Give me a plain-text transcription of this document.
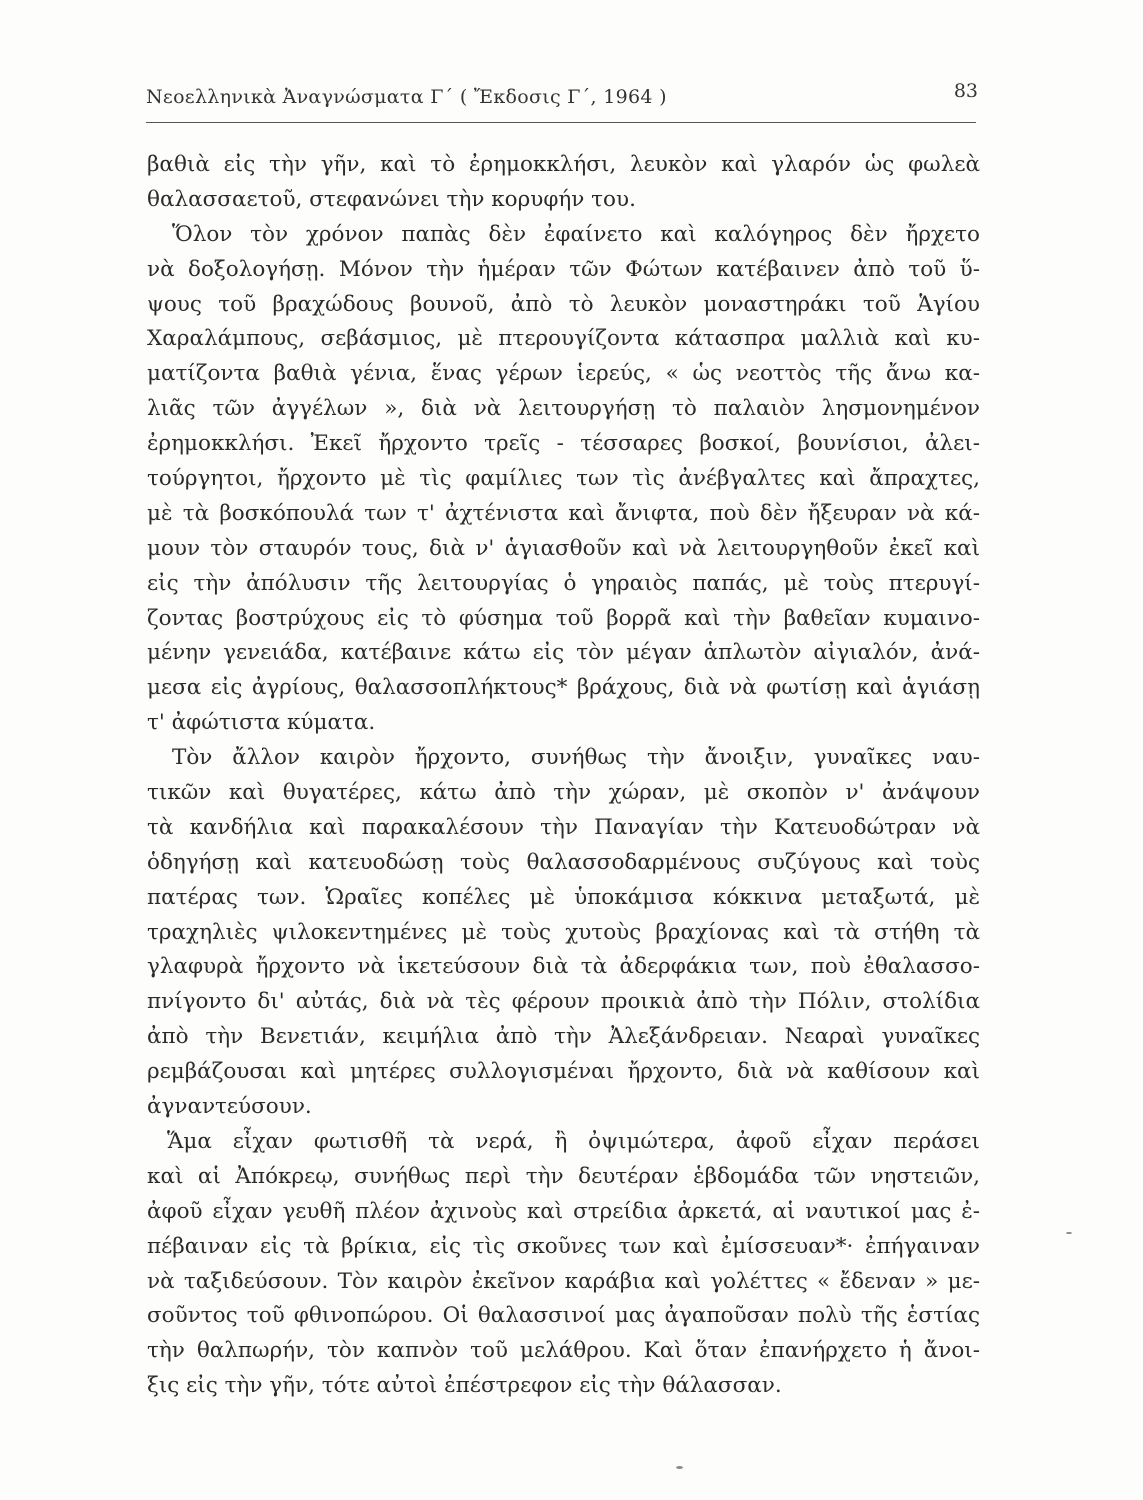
Νεοελληνικὰ Ἀναγνώσματα Γ΄ ( Ἔκδοσις Γ΄, 1964 )	83
βαθιὰ εἰς τὴν γῆν, καὶ τὸ ἐρημοκκλήσι, λευκὸν καὶ γλαρόν ὡς φωλεὰ
θαλασσαετοῦ, στεφανώνει τὴν κορυφήν του.
Ὅλον τὸν χρόνον παπὰς δὲν ἐφαίνετο καὶ καλόγηρος δὲν ἤρχετο
νὰ δοξολογήσῃ. Μόνον τὴν ἡμέραν τῶν Φώτων κατέβαινεν ἀπὸ τοῦ ὕ-
ψους τοῦ βραχώδους βουνοῦ, ἀπὸ τὸ λευκὸν μοναστηράκι τοῦ Ἁγίου
Χαραλάμπους, σεβάσμιος, μὲ πτερουγίζοντα κάτασπρα μαλλιὰ καὶ κυ-
ματίζοντα βαθιὰ γένια, ἕνας γέρων ἱερεύς, « ὡς νεοττὸς τῆς ἄνω κα-
λιᾶς τῶν ἀγγέλων », διὰ νὰ λειτουργήσῃ τὸ παλαιὸν λησμονημένον
ἐρημοκκλήσι. Ἐκεῖ ἤρχοντο τρεῖς - τέσσαρες βοσκοί, βουνίσιοι, ἀλει-
τούργητοι, ἤρχοντο μὲ τὶς φαμίλιες των τὶς ἀνέβγαλτες καὶ ἄπραχτες,
μὲ τὰ βοσκόπουλά των τ' ἀχτένιστα καὶ ἄνιφτα, ποὺ δὲν ἤξευραν νὰ κά-
μουν τὸν σταυρόν τους, διὰ ν' ἁγιασθοῦν καὶ νὰ λειτουργηθοῦν ἐκεῖ καὶ
εἰς τὴν ἀπόλυσιν τῆς λειτουργίας ὁ γηραιὸς παπάς, μὲ τοὺς πτερυγί-
ζοντας βοστρύχους εἰς τὸ φύσημα τοῦ βορρᾶ καὶ τὴν βαθεῖαν κυμαινο-
μένην γενειάδα, κατέβαινε κάτω εἰς τὸν μέγαν ἁπλωτὸν αἰγιαλόν, ἀνά-
μεσα εἰς ἀγρίους, θαλασσοπλήκτους* βράχους, διὰ νὰ φωτίσῃ καὶ ἁγιάσῃ
τ' ἀφώτιστα κύματα.
Τὸν ἄλλον καιρὸν ἤρχοντο, συνήθως τὴν ἄνοιξιν, γυναῖκες ναυ-
τικῶν καὶ θυγατέρες, κάτω ἀπὸ τὴν χώραν, μὲ σκοπὸν ν' ἀνάψουν
τὰ κανδήλια καὶ παρακαλέσουν τὴν Παναγίαν τὴν Κατευοδώτραν νὰ
ὁδηγήσῃ καὶ κατευοδώσῃ τοὺς θαλασσοδαρμένους συζύγους καὶ τοὺς
πατέρας των. Ὡραῖες κοπέλες μὲ ὑποκάμισα κόκκινα μεταξωτά, μὲ
τραχηλιὲς ψιλοκεντημένες μὲ τοὺς χυτοὺς βραχίονας καὶ τὰ στήθη τὰ
γλαφυρὰ ἤρχοντο νὰ ἱκετεύσουν διὰ τὰ ἀδερφάκια των, ποὺ ἐθαλασσο-
πνίγοντο δι' αὐτάς, διὰ νὰ τὲς φέρουν προικιὰ ἀπὸ τὴν Πόλιν, στολίδια
ἀπὸ τὴν Βενετιάν, κειμήλια ἀπὸ τὴν Ἀλεξάνδρειαν. Νεαραὶ γυναῖκες
ρεμβάζουσαι καὶ μητέρες συλλογισμέναι ἤρχοντο, διὰ νὰ καθίσουν καὶ
ἀγναντεύσουν.
Ἅμα εἶχαν φωτισθῆ τὰ νερά, ἢ ὀψιμώτερα, ἀφοῦ εἶχαν περάσει
καὶ αἱ Ἀπόκρεῳ, συνήθως περὶ τὴν δευτέραν ἑβδομάδα τῶν νηστειῶν,
ἀφοῦ εἶχαν γευθῆ πλέον ἀχινοὺς καὶ στρείδια ἀρκετά, αἱ ναυτικοί μας ἐ-
πέβαιναν εἰς τὰ βρίκια, εἰς τὶς σκοῦνες των καὶ ἐμίσσευαν*· ἐπήγαιναν
νὰ ταξιδεύσουν. Τὸν καιρὸν ἐκεῖνον καράβια καὶ γολέττες « ἔδεναν » με-
σοῦντος τοῦ φθινοπώρου. Οἱ θαλασσινοί μας ἀγαποῦσαν πολὺ τῆς ἑστίας
τὴν θαλπωρήν, τὸν καπνὸν τοῦ μελάθρου. Καὶ ὅταν ἐπανήρχετο ἡ ἄνοι-
ξις εἰς τὴν γῆν, τότε αὐτοὶ ἐπέστρεφον εἰς τὴν θάλασσαν.
